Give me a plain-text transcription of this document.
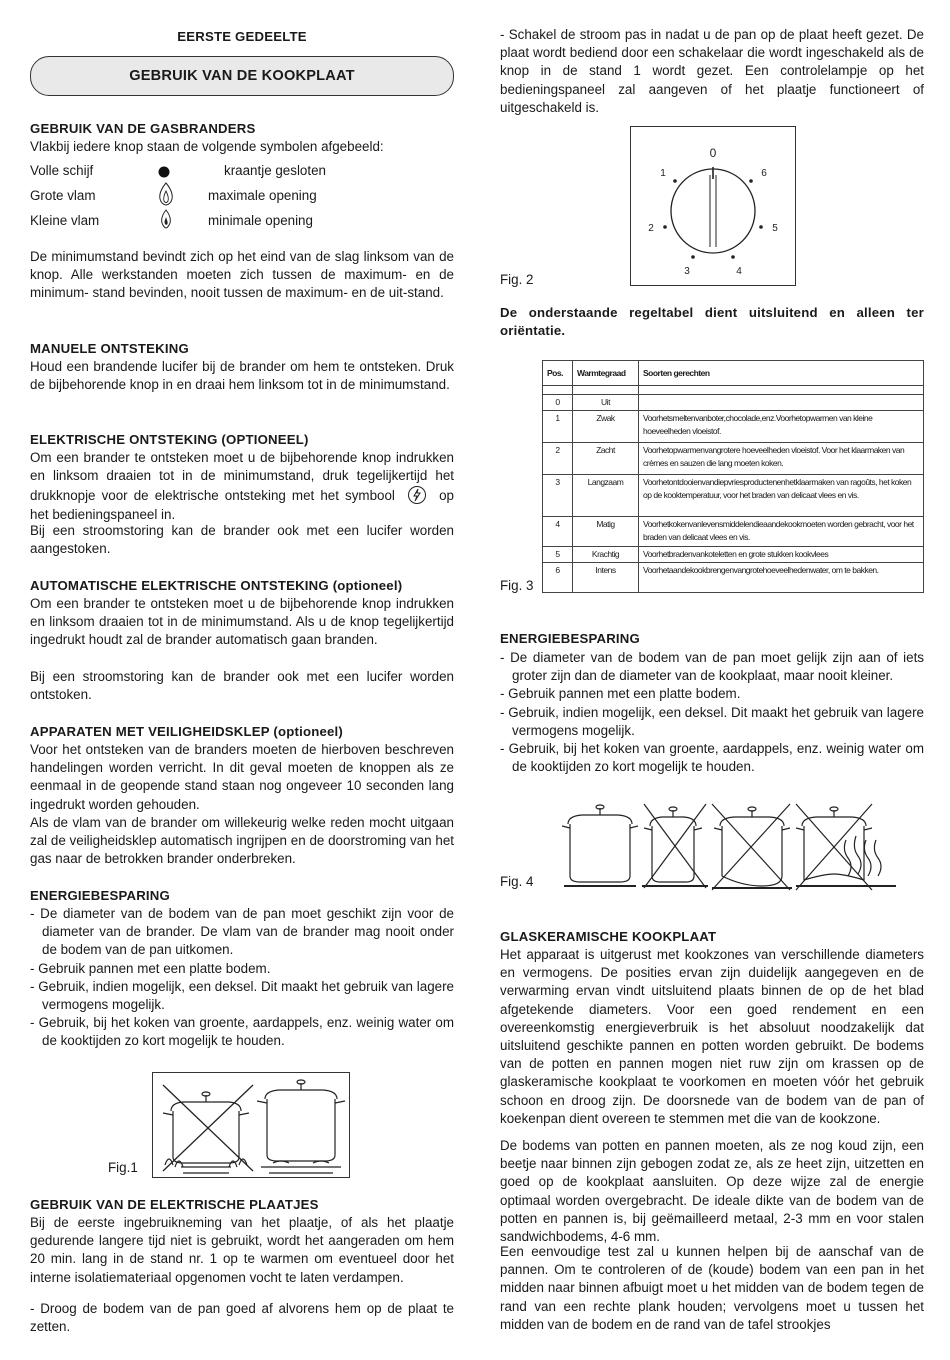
EERSTE GEDEELTE
GEBRUIK VAN DE KOOKPLAAT
GEBRUIK VAN DE GASBRANDERS
Vlakbij iedere knop staan de volgende symbolen afgebeeld:
Volle schijf	kraantje gesloten
Grote vlam	maximale opening
Kleine vlam	minimale opening
De minimumstand bevindt zich op het eind van de slag linksom van de knop. Alle werkstanden moeten zich tussen de maximum- en de minimum- stand bevinden, nooit tussen de maximum- en de uit-stand.
MANUELE ONTSTEKING
Houd een brandende lucifer bij de brander om hem te ontsteken. Druk de bijbehorende knop in en draai hem linksom tot in de minimumstand.
ELEKTRISCHE ONTSTEKING (OPTIONEEL)
Om een brander te ontsteken moet u de bijbehorende knop indrukken en linksom draaien tot in de minimumstand, druk tegelijkertijd het drukknopje voor de elektrische ontsteking met het symbool	op het bedieningspaneel in.
Bij een stroomstoring kan de brander ook met een lucifer worden aangestoken.
AUTOMATISCHE ELEKTRISCHE ONTSTEKING (optioneel)
Om een brander te ontsteken moet u de bijbehorende knop indrukken en linksom draaien tot in de minimumstand. Als u de knop tegelijkertijd ingedrukt houdt zal de brander automatisch gaan branden.
Bij een stroomstoring kan de brander ook met een lucifer worden ontstoken.
APPARATEN MET VEILIGHEIDSKLEP (optioneel)
Voor het ontsteken van de branders moeten de hierboven beschreven handelingen worden verricht. In dit geval moeten de knoppen als ze eenmaal in de geopende stand staan nog ongeveer 10 seconden lang ingedrukt worden gehouden.
Als de vlam van de brander om willekeurig welke reden mocht uitgaan zal de veiligheidsklep automatisch ingrijpen en de doorstroming van het gas naar de betrokken brander onderbreken.
ENERGIEBESPARING

- De diameter van de bodem van de pan moet geschikt zijn voor de diameter van de brander. De vlam van de brander mag nooit onder de bodem van de pan uitkomen.

- Gebruik pannen met een platte bodem.

- Gebruik, indien mogelijk, een deksel. Dit maakt het gebruik van lagere vermogens mogelijk.

- Gebruik, bij het koken van groente, aardappels, enz. weinig water om de kooktijden zo kort mogelijk te houden.

Fig.1
GEBRUIK VAN DE ELEKTRISCHE PLAATJES
Bij de eerste ingebruikneming van het plaatje, of als het plaatje gedurende langere tijd niet is gebruikt, wordt het aangeraden om hem 20 min. lang in de stand nr. 1 op te warmen om eventueel door het interne isolatiemateriaal opgenomen vocht te laten verdampen.
- Droog de bodem van de pan goed af alvorens hem op de plaat te zetten.
- Schakel de stroom pas in nadat u de pan op de plaat heeft gezet. De plaat wordt bediend door een schakelaar die wordt ingeschakeld als de knop in de stand 1 wordt gezet. Een controlelampje op het bedieningspaneel zal aangeven of het plaatje functioneert of uitgeschakeld is.
Fig. 2
0
1
2
3	4
5
6
De onderstaande regeltabel dient uitsluitend en alleen ter oriëntatie.
Fig. 3
Pos.	Warmtegraad	Soorten gerechten

0	Uit	
1	Zwak	Voorhetsmeltenvanboter,chocolade,enz.Voorhetopwarmen van kleine hoeveelheden vloeistof.
2	Zacht	Voorhetopwarmenvangrotere hoeveelheden vloeistof. Voor het klaarmaken van crèmes en sauzen die lang moeten koken.
3	Langzaam	Voorhetontdooienvandiepvriesproductenenhetklaarmaken van ragoûts, het koken op de kooktemperatuur, voor het braden van delicaat vlees en vis.
4	Matig	Voorhetkokenvanlevensmiddelendieaandekookmoeten worden gebracht, voor het braden van delicaat vlees en vis.
5	Krachtig	Voorhetbradenvankoteletten en grote stukken kookvlees
6	Intens	Voorhetaandekookbrengenvangrotehoeveelhedenwater, om te bakken.
ENERGIEBESPARING

- De diameter van de bodem van de pan moet gelijk zijn aan of iets groter zijn dan de diameter van de kookplaat, maar nooit kleiner.

- Gebruik pannen met een platte bodem.

- Gebruik, indien mogelijk, een deksel. Dit maakt het gebruik van lagere vermogens mogelijk.

- Gebruik, bij het koken van groente, aardappels, enz. weinig water om de kooktijden zo kort mogelijk te houden.

Fig. 4
GLASKERAMISCHE KOOKPLAAT
Het apparaat is uitgerust met kookzones van verschillende diameters en vermogens. De posities ervan zijn duidelijk aangegeven en de verwarming ervan vindt uitsluitend plaats binnen de op de het blad afgetekende diameters. Voor een goed rendement en een overeenkomstig energieverbruik is het absoluut noodzakelijk dat uitsluitend geschikte pannen en potten worden gebruikt. De bodems van de potten en pannen mogen niet ruw zijn om krassen op de glaskeramische kookplaat te voorkomen en moeten vóór het gebruik schoon en droog zijn. De doorsnede van de bodem van de pan of koekenpan dient overeen te stemmen met die van de kookzone.
De bodems van potten en pannen moeten, als ze nog koud zijn, een beetje naar binnen zijn gebogen zodat ze, als ze heet zijn, uitzetten en goed op de kookplaat aansluiten. Op deze wijze zal de energie optimaal worden overgebracht. De ideale dikte van de bodem van de potten en pannen is, bij geëmailleerd metaal, 2-3 mm en voor stalen sandwichbodems, 4-6 mm.
Een eenvoudige test zal u kunnen helpen bij de aanschaf van de pannen. Om te controleren of de (koude) bodem van een pan in het midden naar binnen afbuigt moet u het midden van de bodem tegen de rand van een rechte plank houden; vervolgens moet u tussen het midden van de bodem en de rand van de tafel strookjes
